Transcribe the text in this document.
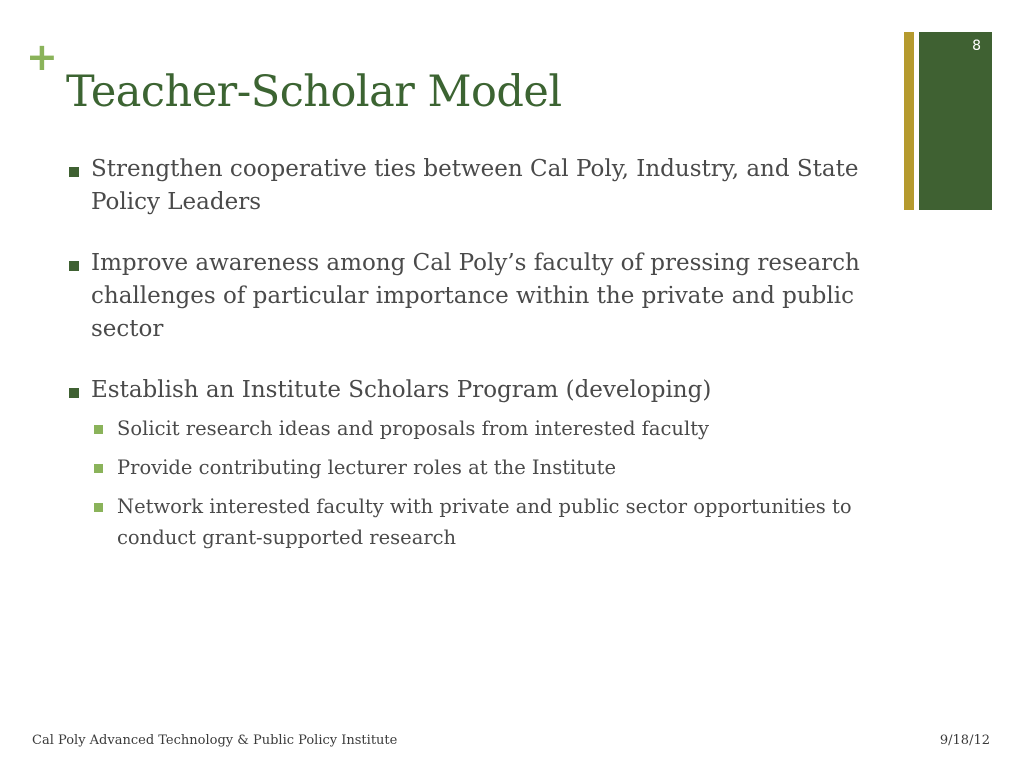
+
Teacher-Scholar Model
8
Strengthen cooperative ties between Cal Poly, Industry, and State Policy Leaders
Improve awareness among Cal Poly’s faculty of pressing research challenges of particular importance within the private and public sector
Establish an Institute Scholars Program (developing)
Solicit research ideas and proposals from interested faculty
Provide contributing lecturer roles at the Institute
Network interested faculty with private and public sector opportunities to conduct grant-supported research
Cal Poly Advanced Technology & Public Policy Institute	9/18/12
